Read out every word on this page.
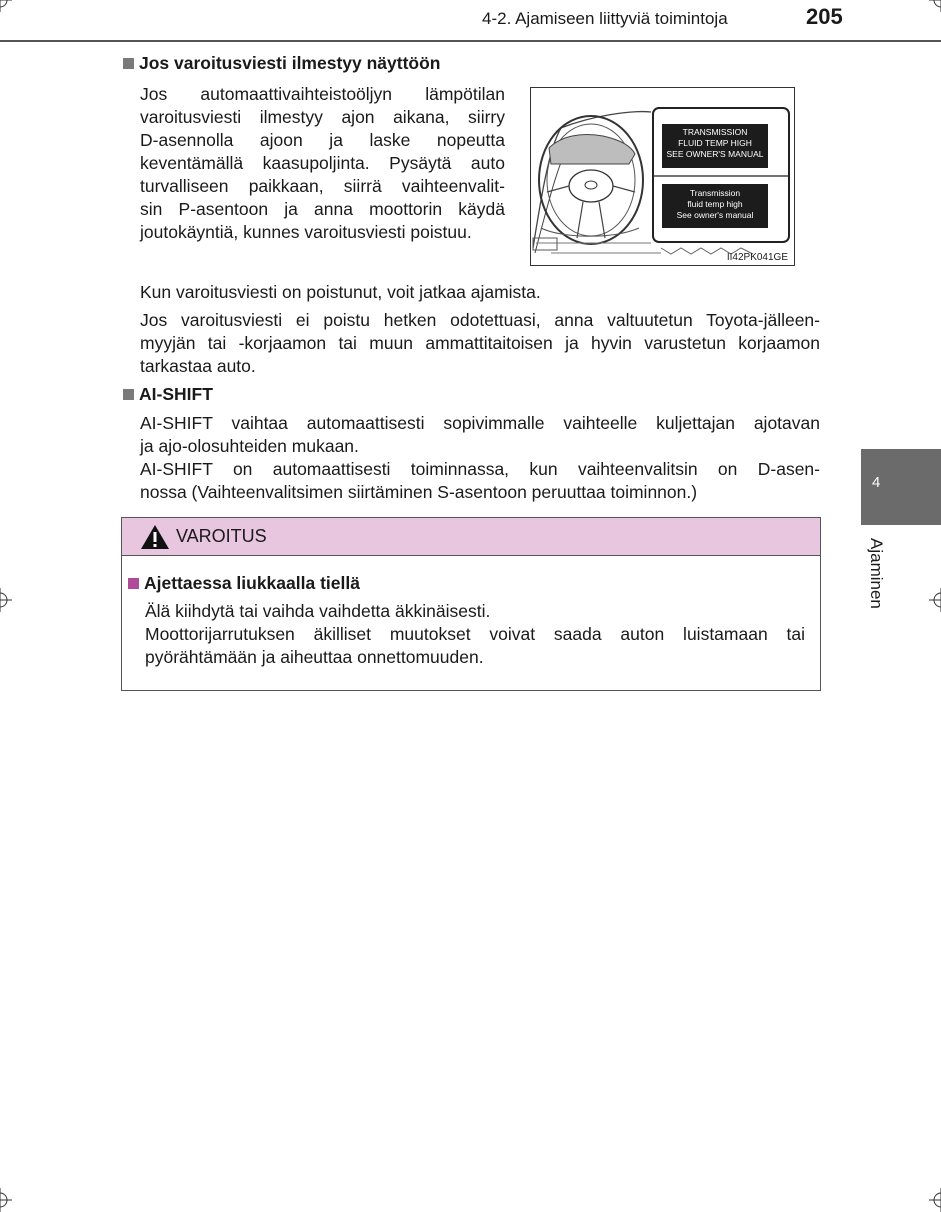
4-2. Ajamiseen liittyviä toimintoja	205
Jos varoitusviesti ilmestyy näyttöön
Jos automaattivaihteistoöljyn lämpötilan
varoitusviesti ilmestyy ajon aikana, siirry
D-asennolla ajoon ja laske nopeutta
keventämällä kaasupoljinta. Pysäytä auto
turvalliseen paikkaan, siirrä vaihteenvalit-
sin P-asentoon ja anna moottorin käydä
joutokäyntiä, kunnes varoitusviesti poistuu.
TRANSMISSION
FLUID TEMP HIGH
SEE OWNER'S MANUAL
Transmission
fluid temp high
See owner's manual
II42PK041GE
Kun varoitusviesti on poistunut, voit jatkaa ajamista.
Jos varoitusviesti ei poistu hetken odotettuasi, anna valtuutetun Toyota-jälleen-
myyjän tai -korjaamon tai muun ammattitaitoisen ja hyvin varustetun korjaamon
tarkastaa auto.
AI-SHIFT
AI-SHIFT vaihtaa automaattisesti sopivimmalle vaihteelle kuljettajan ajotavan
ja ajo-olosuhteiden mukaan.
AI-SHIFT on automaattisesti toiminnassa, kun vaihteenvalitsin on D-asen-
nossa (Vaihteenvalitsimen siirtäminen S-asentoon peruuttaa toiminnon.)
VAROITUS
Ajettaessa liukkaalla tiellä
Älä kiihdytä tai vaihda vaihdetta äkkinäisesti.
Moottorijarrutuksen äkilliset muutokset voivat saada auton luistamaan tai
pyörähtämään ja aiheuttaa onnettomuuden.
4
Ajaminen
